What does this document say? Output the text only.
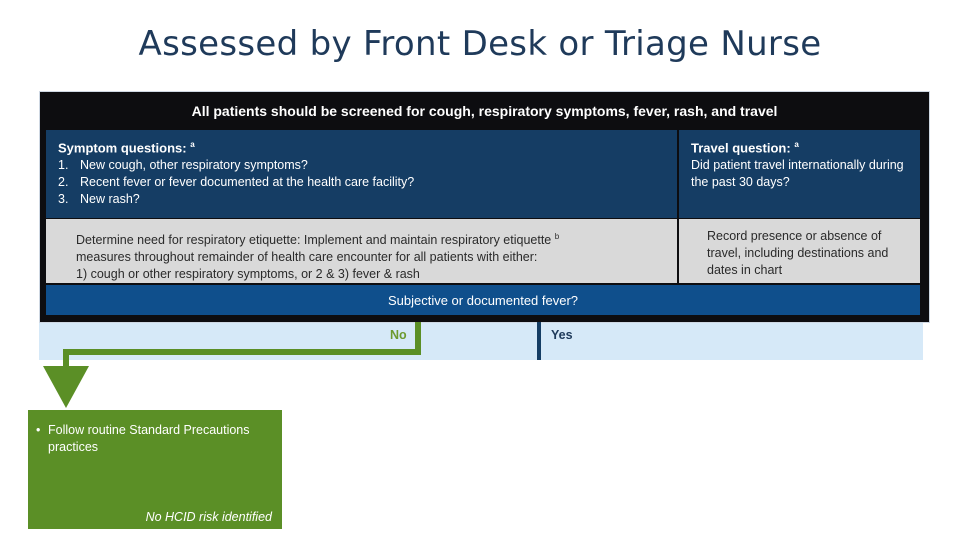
Assessed by Front Desk or Triage Nurse
All patients should be screened for cough, respiratory symptoms, fever, rash, and travel
Symptom questions: $^a$
1. New cough, other respiratory symptoms?
2. Recent fever or fever documented at the health care facility?
3. New rash?
Travel question: $^a$
Did patient travel internationally during the past 30 days?
Determine need for respiratory etiquette: Implement and maintain respiratory etiquette $^b$
measures throughout remainder of health care encounter for all patients with either:
1) cough or other respiratory symptoms, or 2 & 3) fever & rash
Record presence or absence of travel, including destinations and dates in chart
Subjective or documented fever?
No	Yes
• Follow routine Standard Precautions practices
No HCID risk identified
